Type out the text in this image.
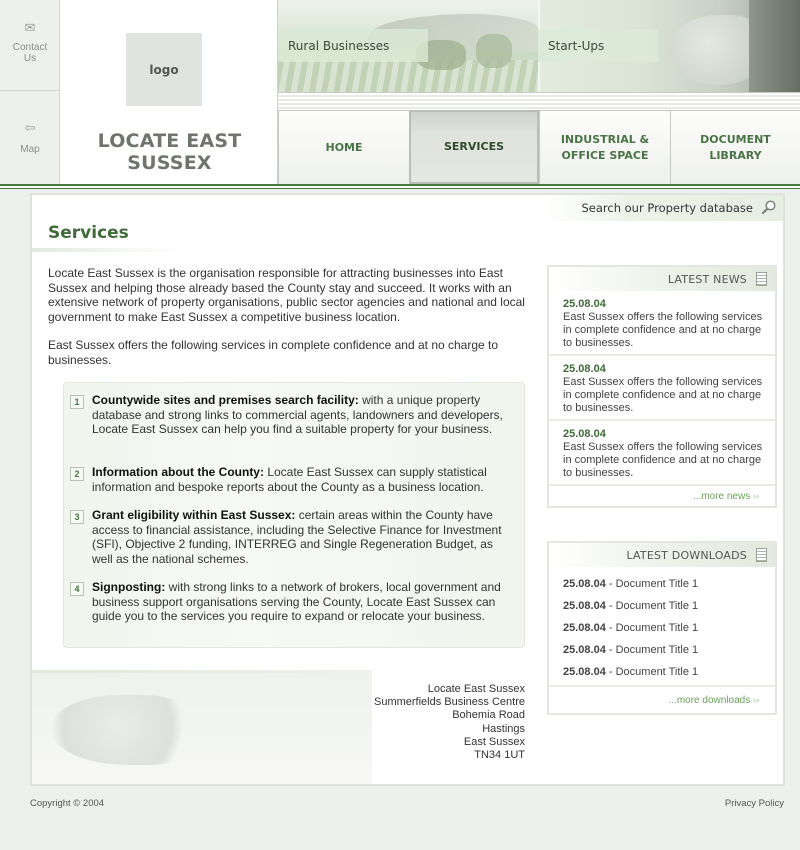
✉
Contact
Us
⇦
Map
logo
LOCATE EAST SUSSEX
Rural Businesses	Start-Ups
HOME	SERVICES
INDUSTRIAL &
OFFICE SPACE
DOCUMENT
LIBRARY
Search our Property database
Services

Locate East Sussex is the organisation responsible for attracting businesses into East Sussex and helping those already based the County stay and succeed. It works with an extensive network of property organisations, public sector agencies and national and local government to make East Sussex a competitive business location.

East Sussex offers the following services in complete confidence and at no charge to businesses.

1	Countywide sites and premises search facility: with a unique property database and strong links to commercial agents, landowners and developers, Locate East Sussex can help you find a suitable property for your business.
2	Information about the County: Locate East Sussex can supply statistical information and bespoke reports about the County as a business location.
3	Grant eligibility within East Sussex: certain areas within the County have access to financial assistance, including the Selective Finance for Investment (SFI), Objective 2 funding, INTERREG and Single Regeneration Budget, as well as the national schemes.
4	Signposting: with strong links to a network of brokers, local government and business support organisations serving the County, Locate East Sussex can guide you to the services you require to expand or relocate your business.
Locate East Sussex
Summerfields Business Centre
Bohemia Road
Hastings
East Sussex
TN34 1UT
LATEST NEWS
25.08.04
East Sussex offers the following services in complete confidence and at no charge to businesses.
25.08.04
East Sussex offers the following services in complete confidence and at no charge to businesses.
25.08.04
East Sussex offers the following services in complete confidence and at no charge to businesses.
...more news ››
LATEST DOWNLOADS
25.08.04 - Document Title 1
25.08.04 - Document Title 1
25.08.04 - Document Title 1
25.08.04 - Document Title 1
25.08.04 - Document Title 1
...more downloads ››
Copyright © 2004	Privacy Policy
